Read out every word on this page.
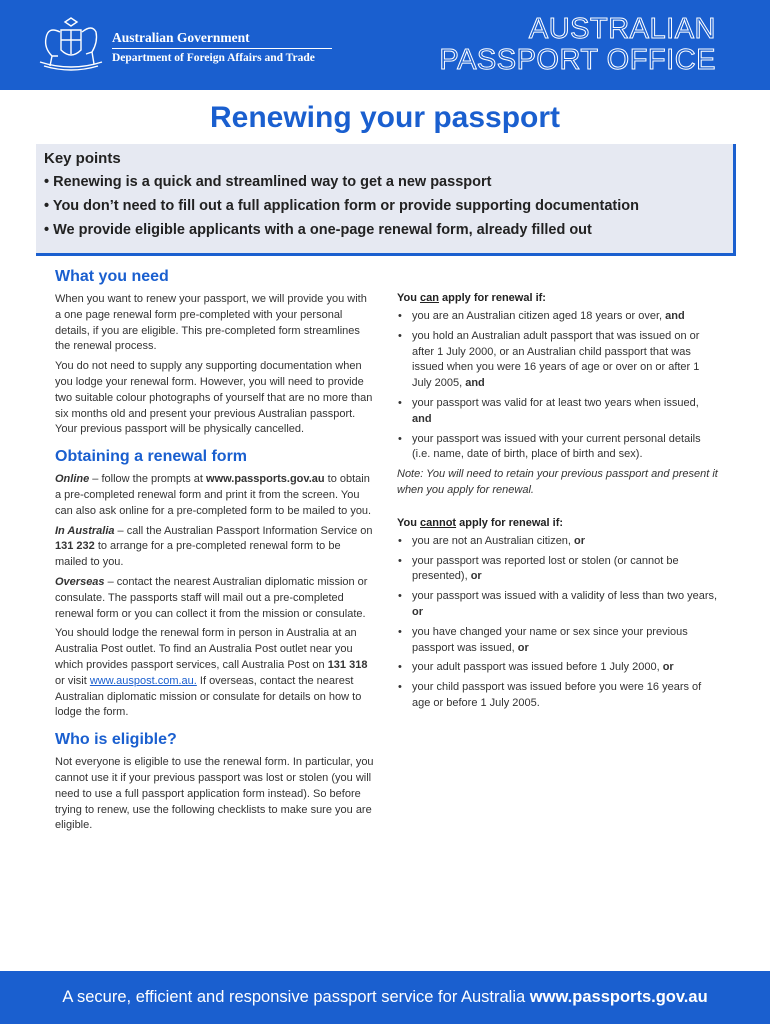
Australian Government
Department of Foreign Affairs and Trade
AUSTRALIAN
PASSPORT OFFICE
Renewing your passport
Key points
• Renewing is a quick and streamlined way to get a new passport
• You don’t need to fill out a full application form or provide supporting documentation
• We provide eligible applicants with a one-page renewal form, already filled out
What you need

When you want to renew your passport, we will provide you with a one page renewal form pre-completed with your personal details, if you are eligible. This pre-completed form streamlines the renewal process.

You do not need to supply any supporting documentation when you lodge your renewal form. However, you will need to provide two suitable colour photographs of yourself that are no more than six months old and present your previous Australian passport. Your previous passport will be physically cancelled.

Obtaining a renewal form

Online – follow the prompts at www.passports.gov.au to obtain a pre-completed renewal form and print it from the screen. You can also ask online for a pre-completed form to be mailed to you.

In Australia – call the Australian Passport Information Service on 131 232 to arrange for a pre-completed renewal form to be mailed to you.

Overseas – contact the nearest Australian diplomatic mission or consulate. The passports staff will mail out a pre-completed renewal form or you can collect it from the mission or consulate.

You should lodge the renewal form in person in Australia at an Australia Post outlet. To find an Australia Post outlet near you which provides passport services, call Australia Post on 131 318 or visit www.auspost.com.au. If overseas, contact the nearest Australian diplomatic mission or consulate for details on how to lodge the form.

Who is eligible?

Not everyone is eligible to use the renewal form. In particular, you cannot use it if your previous passport was lost or stolen (you will need to use a full passport application form instead). So before trying to renew, use the following checklists to make sure you are eligible.

You can apply for renewal if:
• you are an Australian citizen aged 18 years or over, and
• you hold an Australian adult passport that was issued on or after 1 July 2000, or an Australian child passport that was issued when you were 16 years of age or over on or after 1 July 2005, and
• your passport was valid for at least two years when issued, and
• your passport was issued with your current personal details (i.e. name, date of birth, place of birth and sex).
Note: You will need to retain your previous passport and present it when you apply for renewal.
You cannot apply for renewal if:
• you are not an Australian citizen, or
• your passport was reported lost or stolen (or cannot be presented), or
• your passport was issued with a validity of less than two years, or
• you have changed your name or sex since your previous passport was issued, or
• your adult passport was issued before 1 July 2000, or
• your child passport was issued before you were 16 years of age or before 1 July 2005.
A secure, efficient and responsive passport service for Australia www.passports.gov.au
